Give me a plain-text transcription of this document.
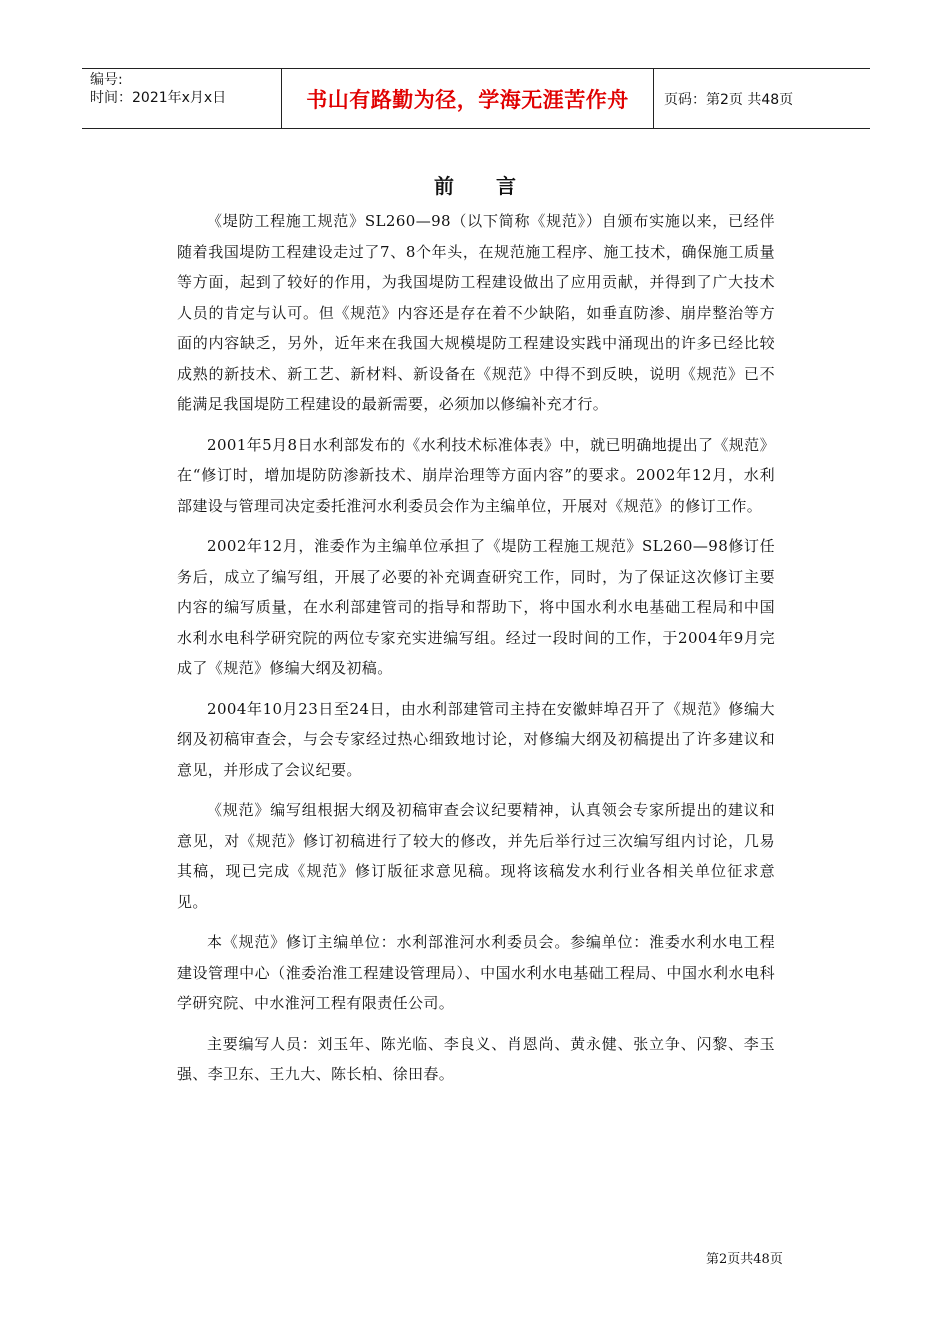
编号:
时间：2021年x月x日	书山有路勤为径，学海无涯苦作舟	页码：第2页 共48页
前言

《堤防工程施工规范》SL260—98（以下简称《规范》）自颁布实施以来，已经伴随着我国堤防工程建设走过了7、8个年头，在规范施工程序、施工技术，确保施工质量等方面，起到了较好的作用，为我国堤防工程建设做出了应用贡献，并得到了广大技术人员的肯定与认可。但《规范》内容还是存在着不少缺陷，如垂直防渗、崩岸整治等方面的内容缺乏，另外，近年来在我国大规模堤防工程建设实践中涌现出的许多已经比较成熟的新技术、新工艺、新材料、新设备在《规范》中得不到反映，说明《规范》已不能满足我国堤防工程建设的最新需要，必须加以修编补充才行。

2001年5月8日水利部发布的《水利技术标准体表》中，就已明确地提出了《规范》在“修订时，增加堤防防渗新技术、崩岸治理等方面内容”的要求。2002年12月，水利部建设与管理司决定委托淮河水利委员会作为主编单位，开展对《规范》的修订工作。

2002年12月，淮委作为主编单位承担了《堤防工程施工规范》SL260—98修订任务后，成立了编写组，开展了必要的补充调查研究工作，同时，为了保证这次修订主要内容的编写质量，在水利部建管司的指导和帮助下，将中国水利水电基础工程局和中国水利水电科学研究院的两位专家充实进编写组。经过一段时间的工作，于2004年9月完成了《规范》修编大纲及初稿。

2004年10月23日至24日，由水利部建管司主持在安徽蚌埠召开了《规范》修编大纲及初稿审查会，与会专家经过热心细致地讨论，对修编大纲及初稿提出了许多建议和意见，并形成了会议纪要。

《规范》编写组根据大纲及初稿审查会议纪要精神，认真领会专家所提出的建议和意见，对《规范》修订初稿进行了较大的修改，并先后举行过三次编写组内讨论，几易其稿，现已完成《规范》修订版征求意见稿。现将该稿发水利行业各相关单位征求意见。

本《规范》修订主编单位：水利部淮河水利委员会。参编单位：淮委水利水电工程建设管理中心（淮委治淮工程建设管理局）、中国水利水电基础工程局、中国水利水电科学研究院、中水淮河工程有限责任公司。

主要编写人员：刘玉年、陈光临、李良义、肖恩尚、黄永健、张立争、闪黎、李玉强、李卫东、王九大、陈长柏、徐田春。

第2页共48页
